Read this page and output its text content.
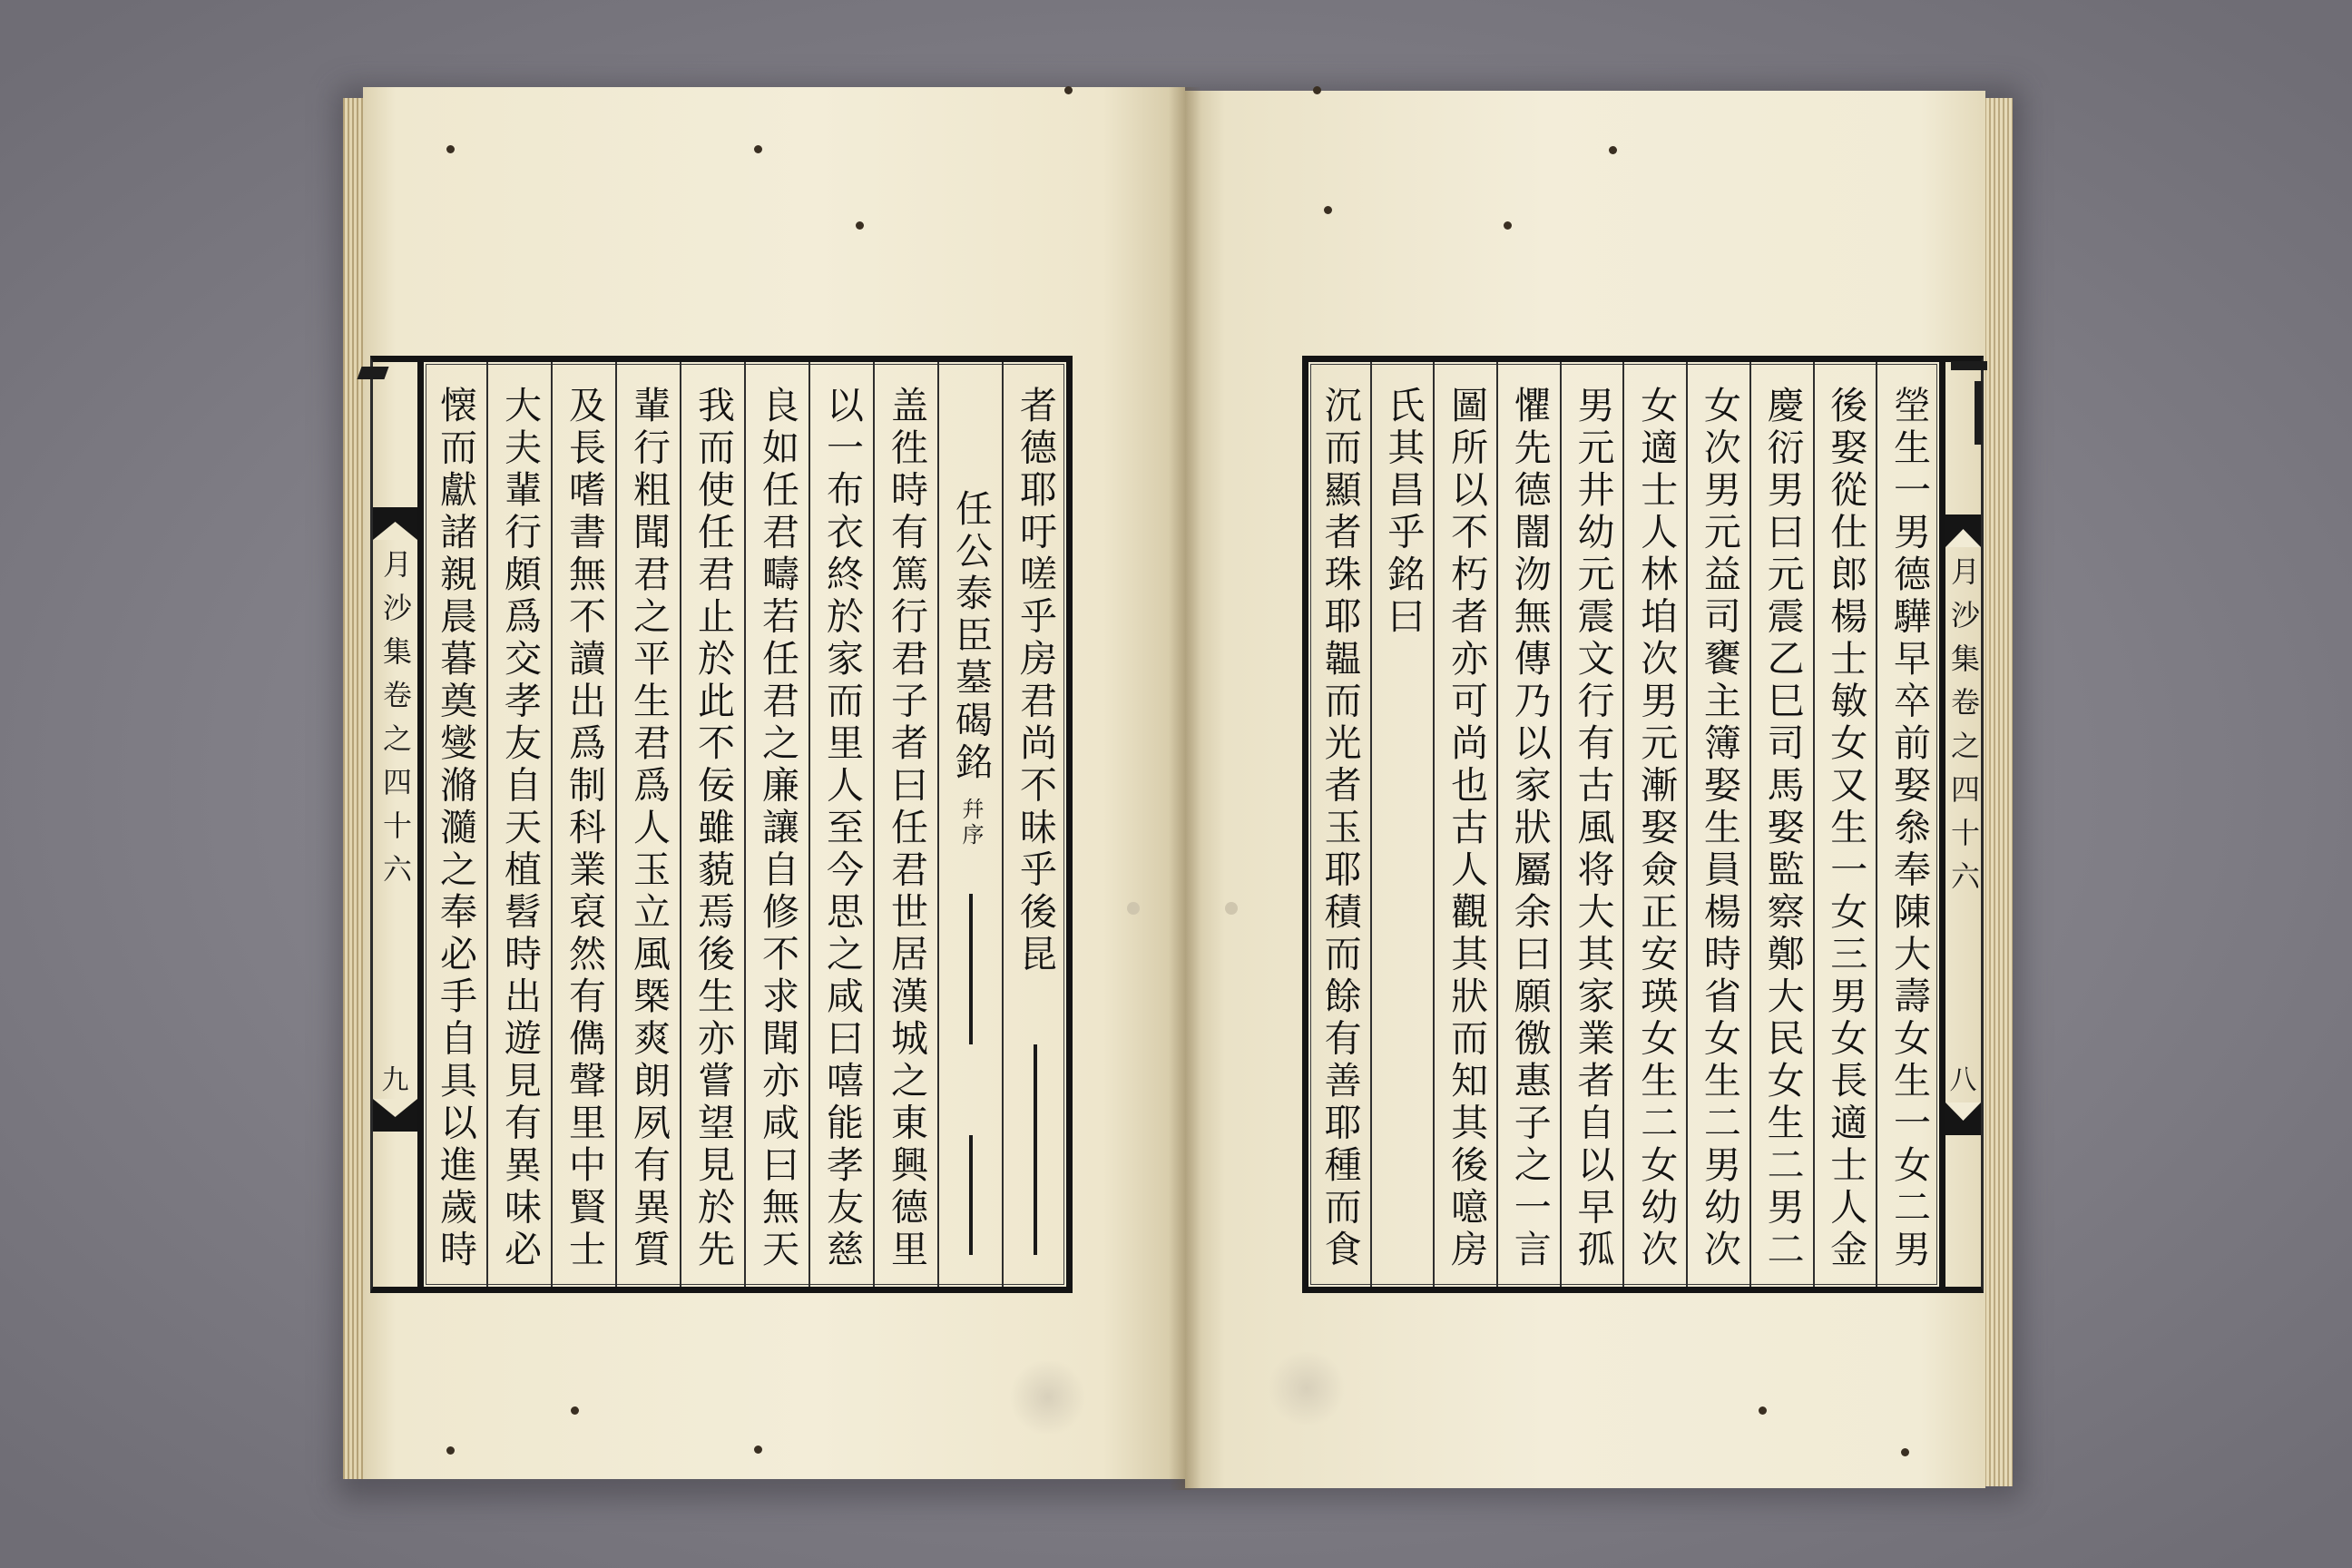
月沙集卷之四十六
九
者德耶吁嗟乎房君尚不昧乎後昆
任公泰臣墓碣銘幷序
盖徃時有篤行君子者曰任君世居漢城之東興德里
以一布衣終於家而里人至今思之咸曰嘻能孝友慈
良如任君疇若任君之廉讓自修不求聞亦咸曰無天
我而使任君止於此不佞雖藐焉後生亦嘗望見於先
輩行粗聞君之平生君爲人玉立風槩爽朗夙有異質
及長嗜書無不讀出爲制科業裒然有儁聲里中賢士
大夫輩行頗爲交孝友自天植髫時出遊見有異味必
懐而獻諸親晨暮奠燮滫瀡之奉必手自具以進歲時	塋生一男德驊早卒前娶叅奉陳大壽女生一女二男
後娶從仕郎楊士敏女又生一女三男女長適士人金
慶衍男曰元震乙巳司馬娶監察鄭大民女生二男二
女次男元益司饔主簿娶生員楊時省女生二男幼次
女適士人林垍次男元漸娶僉正安瑛女生二女幼次
男元井幼元震文行有古風将大其家業者自以早孤
懼先德闇沕無傳乃以家狀屬余曰願徼惠子之一言
圖所以不朽者亦可尚也古人觀其狀而知其後噫房
氏其昌乎銘曰
沉而顯者珠耶韞而光者玉耶積而餘有善耶種而食	月沙集卷之四十六
八
